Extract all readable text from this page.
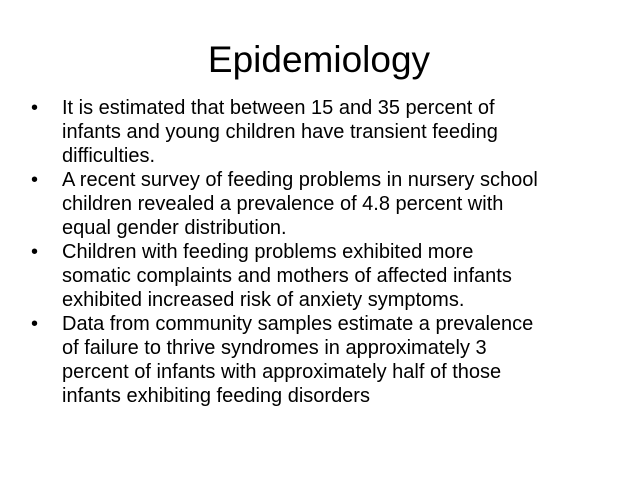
Epidemiology
•	It is estimated that between 15 and 35 percent of
infants and young children have transient feeding
difficulties.
•	A recent survey of feeding problems in nursery school
children revealed a prevalence of 4.8 percent with
equal gender distribution.
•	Children with feeding problems exhibited more
somatic complaints and mothers of affected infants
exhibited increased risk of anxiety symptoms.
•	Data from community samples estimate a prevalence
of failure to thrive syndromes in approximately 3
percent of infants with approximately half of those
infants exhibiting feeding disorders
